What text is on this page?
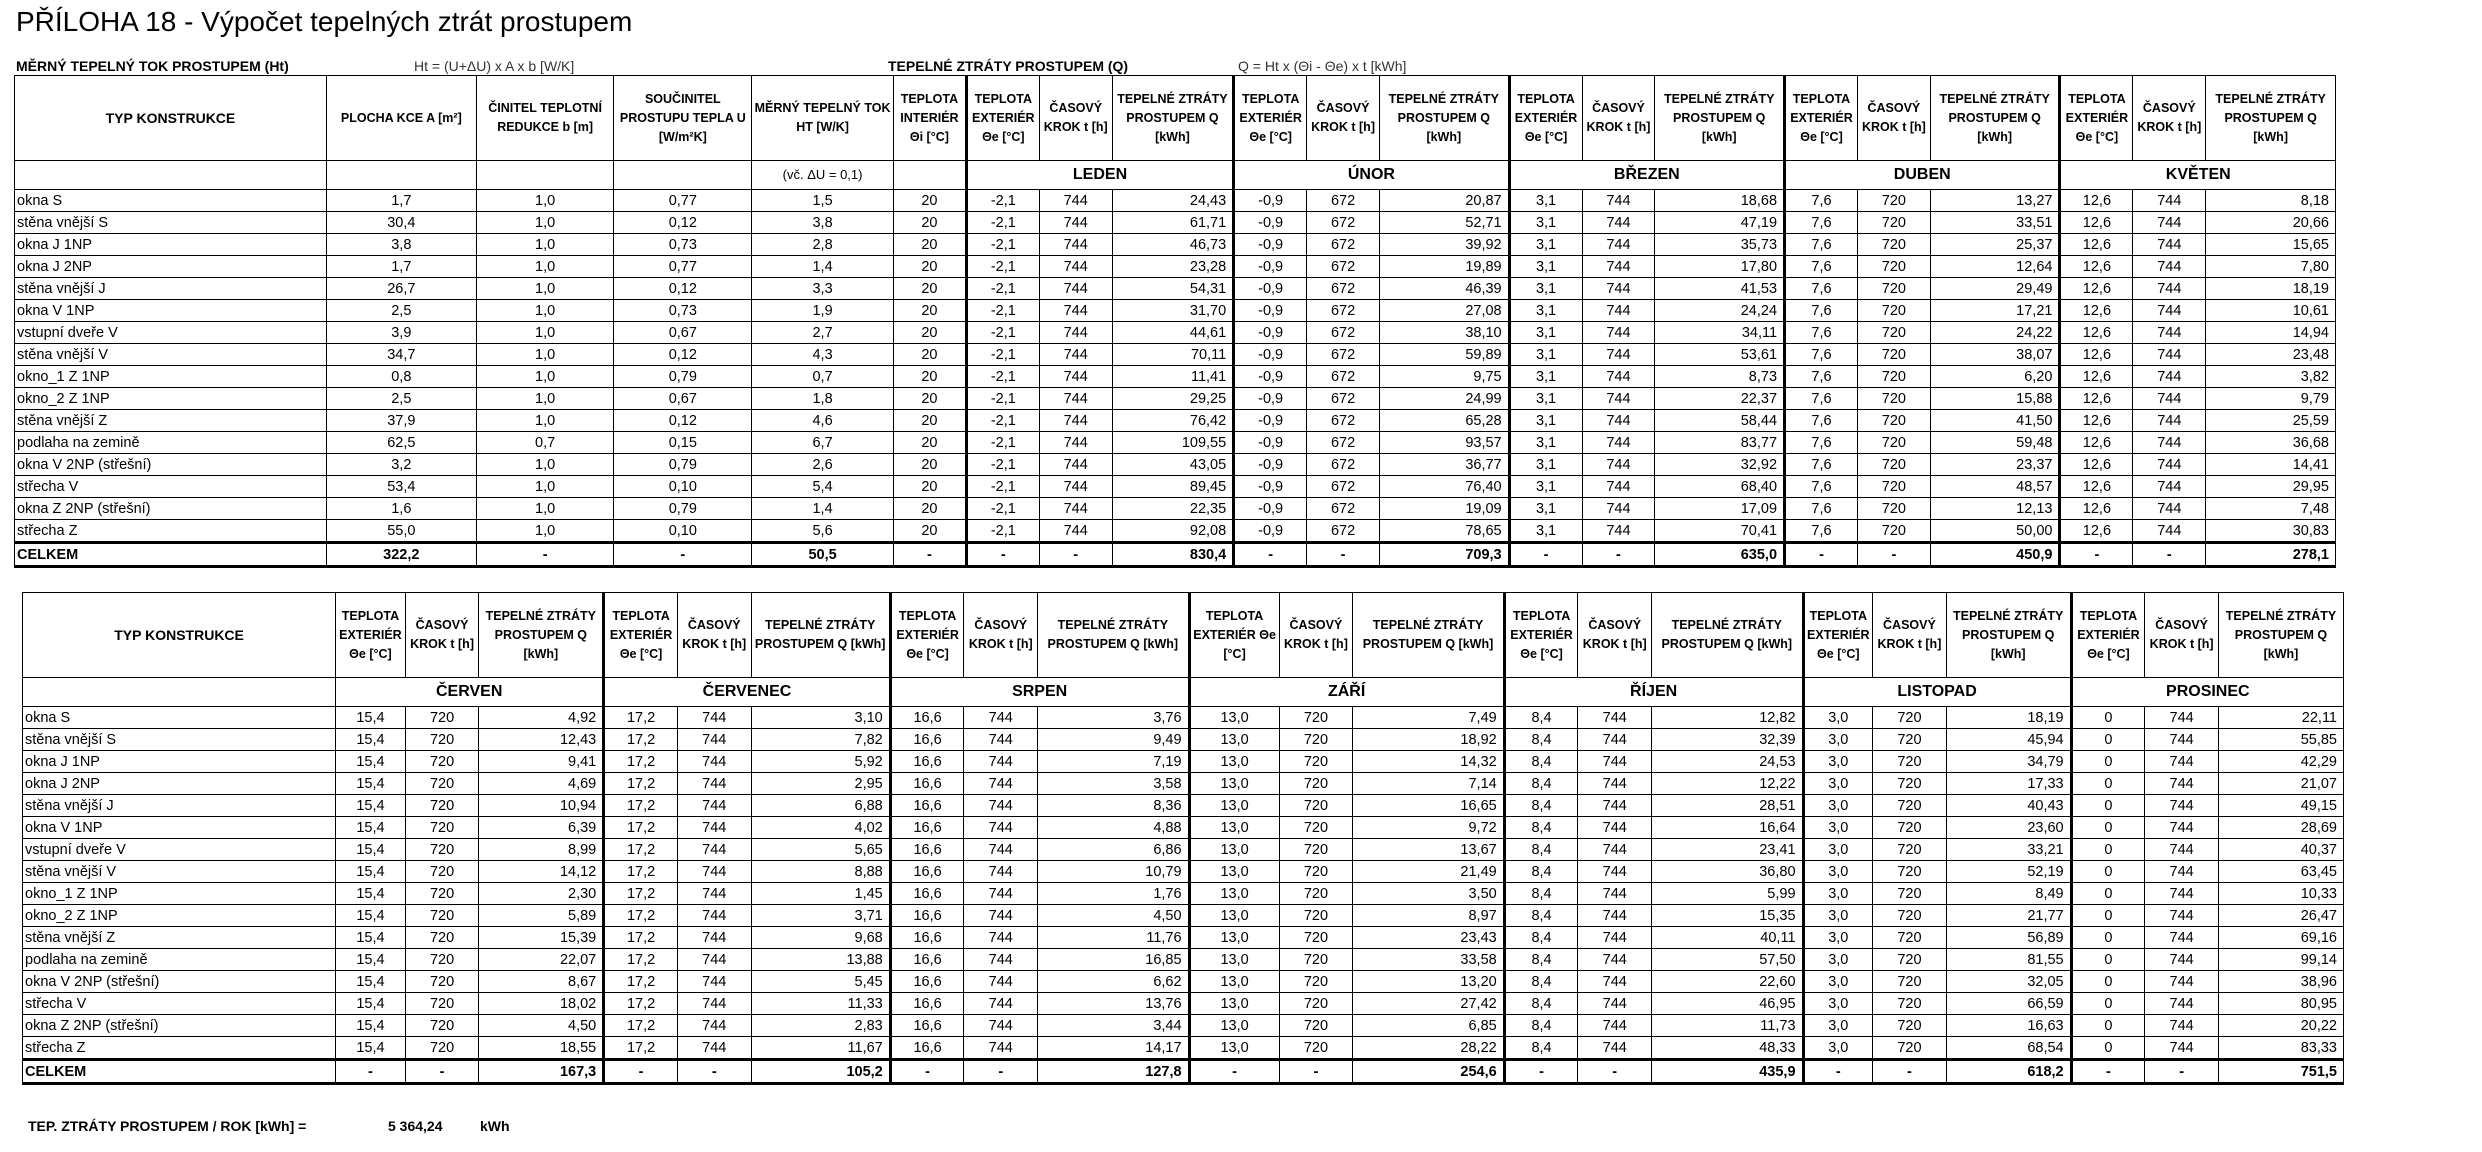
PŘÍLOHA 18 - Výpočet tepelných ztrát prostupem
MĚRNÝ TEPELNÝ TOK PROSTUPEM (Ht)	Ht = (U+ΔU) x A x b [W/K]	TEPELNÉ ZTRÁTY PROSTUPEM (Q)	Q = Ht x (Θi - Θe) x t [kWh]
TYP KONSTRUKCE	PLOCHA KCE A [m²]	ČINITEL TEPLOTNÍ REDUKCE b [m]	SOUČINITEL PROSTUPU TEPLA U [W/m²K]	MĚRNÝ TEPELNÝ TOK HT [W/K]	TEPLOTA INTERIÉR Θi [°C]	TEPLOTA EXTERIÉR Θe [°C]	ČASOVÝ KROK t [h]	TEPELNÉ ZTRÁTY PROSTUPEM Q [kWh]	TEPLOTA EXTERIÉR Θe [°C]	ČASOVÝ KROK t [h]	TEPELNÉ ZTRÁTY PROSTUPEM Q [kWh]	TEPLOTA EXTERIÉR Θe [°C]	ČASOVÝ KROK t [h]	TEPELNÉ ZTRÁTY PROSTUPEM Q [kWh]	TEPLOTA EXTERIÉR Θe [°C]	ČASOVÝ KROK t [h]	TEPELNÉ ZTRÁTY PROSTUPEM Q [kWh]	TEPLOTA EXTERIÉR Θe [°C]	ČASOVÝ KROK t [h]	TEPELNÉ ZTRÁTY PROSTUPEM Q [kWh]
				(vč. ΔU = 0,1)		LEDEN			ÚNOR			BŘEZEN			DUBEN			KVĚTEN		
okna S	1,7	1,0	0,77	1,5	20	-2,1	744	24,43	-0,9	672	20,87	3,1	744	18,68	7,6	720	13,27	12,6	744	8,18
stěna vnější S	30,4	1,0	0,12	3,8	20	-2,1	744	61,71	-0,9	672	52,71	3,1	744	47,19	7,6	720	33,51	12,6	744	20,66
okna J 1NP	3,8	1,0	0,73	2,8	20	-2,1	744	46,73	-0,9	672	39,92	3,1	744	35,73	7,6	720	25,37	12,6	744	15,65
okna J 2NP	1,7	1,0	0,77	1,4	20	-2,1	744	23,28	-0,9	672	19,89	3,1	744	17,80	7,6	720	12,64	12,6	744	7,80
stěna vnější J	26,7	1,0	0,12	3,3	20	-2,1	744	54,31	-0,9	672	46,39	3,1	744	41,53	7,6	720	29,49	12,6	744	18,19
okna V 1NP	2,5	1,0	0,73	1,9	20	-2,1	744	31,70	-0,9	672	27,08	3,1	744	24,24	7,6	720	17,21	12,6	744	10,61
vstupní dveře V	3,9	1,0	0,67	2,7	20	-2,1	744	44,61	-0,9	672	38,10	3,1	744	34,11	7,6	720	24,22	12,6	744	14,94
stěna vnější V	34,7	1,0	0,12	4,3	20	-2,1	744	70,11	-0,9	672	59,89	3,1	744	53,61	7,6	720	38,07	12,6	744	23,48
okno_1 Z 1NP	0,8	1,0	0,79	0,7	20	-2,1	744	11,41	-0,9	672	9,75	3,1	744	8,73	7,6	720	6,20	12,6	744	3,82
okno_2 Z 1NP	2,5	1,0	0,67	1,8	20	-2,1	744	29,25	-0,9	672	24,99	3,1	744	22,37	7,6	720	15,88	12,6	744	9,79
stěna vnější Z	37,9	1,0	0,12	4,6	20	-2,1	744	76,42	-0,9	672	65,28	3,1	744	58,44	7,6	720	41,50	12,6	744	25,59
podlaha na zemině	62,5	0,7	0,15	6,7	20	-2,1	744	109,55	-0,9	672	93,57	3,1	744	83,77	7,6	720	59,48	12,6	744	36,68
okna V 2NP (střešní)	3,2	1,0	0,79	2,6	20	-2,1	744	43,05	-0,9	672	36,77	3,1	744	32,92	7,6	720	23,37	12,6	744	14,41
střecha V	53,4	1,0	0,10	5,4	20	-2,1	744	89,45	-0,9	672	76,40	3,1	744	68,40	7,6	720	48,57	12,6	744	29,95
okna Z 2NP (střešní)	1,6	1,0	0,79	1,4	20	-2,1	744	22,35	-0,9	672	19,09	3,1	744	17,09	7,6	720	12,13	12,6	744	7,48
střecha Z	55,0	1,0	0,10	5,6	20	-2,1	744	92,08	-0,9	672	78,65	3,1	744	70,41	7,6	720	50,00	12,6	744	30,83
CELKEM	322,2	-	-	50,5	-	-	-	830,4	-	-	709,3	-	-	635,0	-	-	450,9	-	-	278,1
TYP KONSTRUKCE	TEPLOTA EXTERIÉR Θe [°C]	ČASOVÝ KROK t [h]	TEPELNÉ ZTRÁTY PROSTUPEM Q [kWh]	TEPLOTA EXTERIÉR Θe [°C]	ČASOVÝ KROK t [h]	TEPELNÉ ZTRÁTY PROSTUPEM Q [kWh]	TEPLOTA EXTERIÉR Θe [°C]	ČASOVÝ KROK t [h]	TEPELNÉ ZTRÁTY PROSTUPEM Q [kWh]	TEPLOTA EXTERIÉR Θe [°C]	ČASOVÝ KROK t [h]	TEPELNÉ ZTRÁTY PROSTUPEM Q [kWh]	TEPLOTA EXTERIÉR Θe [°C]	ČASOVÝ KROK t [h]	TEPELNÉ ZTRÁTY PROSTUPEM Q [kWh]	TEPLOTA EXTERIÉR Θe [°C]	ČASOVÝ KROK t [h]	TEPELNÉ ZTRÁTY PROSTUPEM Q [kWh]	TEPLOTA EXTERIÉR Θe [°C]	ČASOVÝ KROK t [h]	TEPELNÉ ZTRÁTY PROSTUPEM Q [kWh]
	ČERVEN			ČERVENEC			SRPEN			ZÁŘÍ			ŘÍJEN			LISTOPAD			PROSINEC		
okna S	15,4	720	4,92	17,2	744	3,10	16,6	744	3,76	13,0	720	7,49	8,4	744	12,82	3,0	720	18,19	0	744	22,11
stěna vnější S	15,4	720	12,43	17,2	744	7,82	16,6	744	9,49	13,0	720	18,92	8,4	744	32,39	3,0	720	45,94	0	744	55,85
okna J 1NP	15,4	720	9,41	17,2	744	5,92	16,6	744	7,19	13,0	720	14,32	8,4	744	24,53	3,0	720	34,79	0	744	42,29
okna J 2NP	15,4	720	4,69	17,2	744	2,95	16,6	744	3,58	13,0	720	7,14	8,4	744	12,22	3,0	720	17,33	0	744	21,07
stěna vnější J	15,4	720	10,94	17,2	744	6,88	16,6	744	8,36	13,0	720	16,65	8,4	744	28,51	3,0	720	40,43	0	744	49,15
okna V 1NP	15,4	720	6,39	17,2	744	4,02	16,6	744	4,88	13,0	720	9,72	8,4	744	16,64	3,0	720	23,60	0	744	28,69
vstupní dveře V	15,4	720	8,99	17,2	744	5,65	16,6	744	6,86	13,0	720	13,67	8,4	744	23,41	3,0	720	33,21	0	744	40,37
stěna vnější V	15,4	720	14,12	17,2	744	8,88	16,6	744	10,79	13,0	720	21,49	8,4	744	36,80	3,0	720	52,19	0	744	63,45
okno_1 Z 1NP	15,4	720	2,30	17,2	744	1,45	16,6	744	1,76	13,0	720	3,50	8,4	744	5,99	3,0	720	8,49	0	744	10,33
okno_2 Z 1NP	15,4	720	5,89	17,2	744	3,71	16,6	744	4,50	13,0	720	8,97	8,4	744	15,35	3,0	720	21,77	0	744	26,47
stěna vnější Z	15,4	720	15,39	17,2	744	9,68	16,6	744	11,76	13,0	720	23,43	8,4	744	40,11	3,0	720	56,89	0	744	69,16
podlaha na zemině	15,4	720	22,07	17,2	744	13,88	16,6	744	16,85	13,0	720	33,58	8,4	744	57,50	3,0	720	81,55	0	744	99,14
okna V 2NP (střešní)	15,4	720	8,67	17,2	744	5,45	16,6	744	6,62	13,0	720	13,20	8,4	744	22,60	3,0	720	32,05	0	744	38,96
střecha V	15,4	720	18,02	17,2	744	11,33	16,6	744	13,76	13,0	720	27,42	8,4	744	46,95	3,0	720	66,59	0	744	80,95
okna Z 2NP (střešní)	15,4	720	4,50	17,2	744	2,83	16,6	744	3,44	13,0	720	6,85	8,4	744	11,73	3,0	720	16,63	0	744	20,22
střecha Z	15,4	720	18,55	17,2	744	11,67	16,6	744	14,17	13,0	720	28,22	8,4	744	48,33	3,0	720	68,54	0	744	83,33
CELKEM	-	-	167,3	-	-	105,2	-	-	127,8	-	-	254,6	-	-	435,9	-	-	618,2	-	-	751,5
TEP. ZTRÁTY PROSTUPEM / ROK [kWh] =	5 364,24	kWh
